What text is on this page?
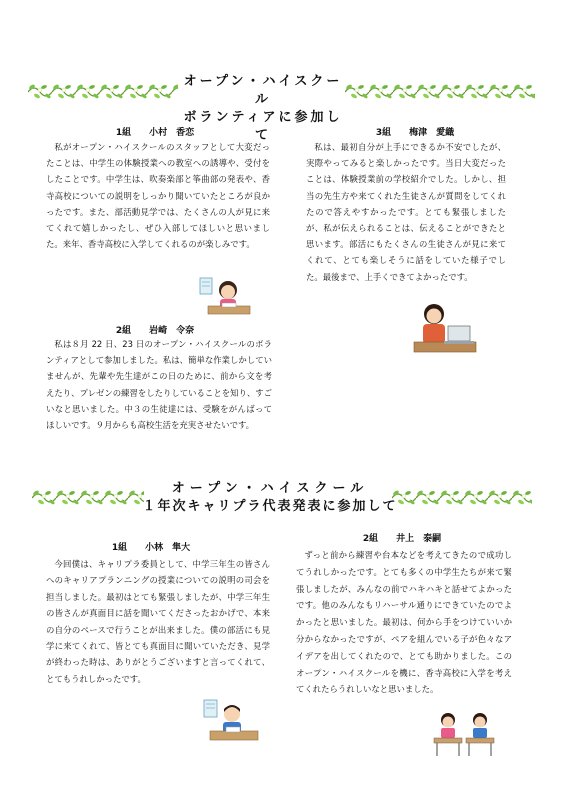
オープン・ハイスクール
ボランティアに参加して
1組　　小村　香恋
私がオープン・ハイスクールのスタッフとして大変だったことは、中学生の体験授業への教室への誘導や、受付をしたことです。中学生は、吹奏楽部と筝曲部の発表や、香寺高校についての説明をしっかり聞いていたところが良かったです。また、部活動見学では、たくさんの人が見に来てくれて嬉しかったし、ぜひ入部してほしいと思いました。来年、香寺高校に入学してくれるのが楽しみです。
3組　　梅津　愛織
私は、最初自分が上手にできるか不安でしたが、実際やってみると楽しかったです。当日大変だったことは、体験授業前の学校紹介でした。しかし、担当の先生方や来てくれた生徒さんが質問をしてくれたので答えやすかったです。とても緊張しましたが、私が伝えられることは、伝えることができたと思います。部活にもたくさんの生徒さんが見に来てくれて、とても楽しそうに話をしていた様子でした。最後まで、上手くできてよかったです。
2組　　岩崎　令奈
私は８月 22 日、23 日のオープン・ハイスクールのボランティアとして参加しました。私は、簡単な作業しかしていませんが、先輩や先生達がこの日のために、前から文を考えたり、プレゼンの練習をしたりしていることを知り、すごいなと思いました。中３の生徒達には、受験をがんばってほしいです。９月からも高校生活を充実させたいです。
オープン・ハイスクール
１年次キャリプラ代表発表に参加して
1組　　小林　隼大
今回僕は、キャリプラ委員として、中学三年生の皆さんへのキャリアプランニングの授業についての説明の司会を担当しました。最初はとても緊張しましたが、中学三年生の皆さんが真面目に話を聞いてくださったおかげで、本来の自分のペースで行うことが出来ました。僕の部活にも見学に来てくれて、皆とても真面目に聞いていただき、見学が終わった時は、ありがとうございますと言ってくれて、とてもうれしかったです。
2組　　井上　泰嗣
ずっと前から練習や台本などを考えてきたので成功してうれしかったです。とても多くの中学生たちが来て緊張しましたが、みんなの前でハキハキと話せてよかったです。他のみんなもリハーサル通りにできていたのでよかったと思いました。最初は、何から手をつけていいか分からなかったですが、ペアを組んでいる子が色々なアイデアを出してくれたので、とても助かりました。このオープン・ハイスクールを機に、香寺高校に入学を考えてくれたらうれしいなと思いました。
